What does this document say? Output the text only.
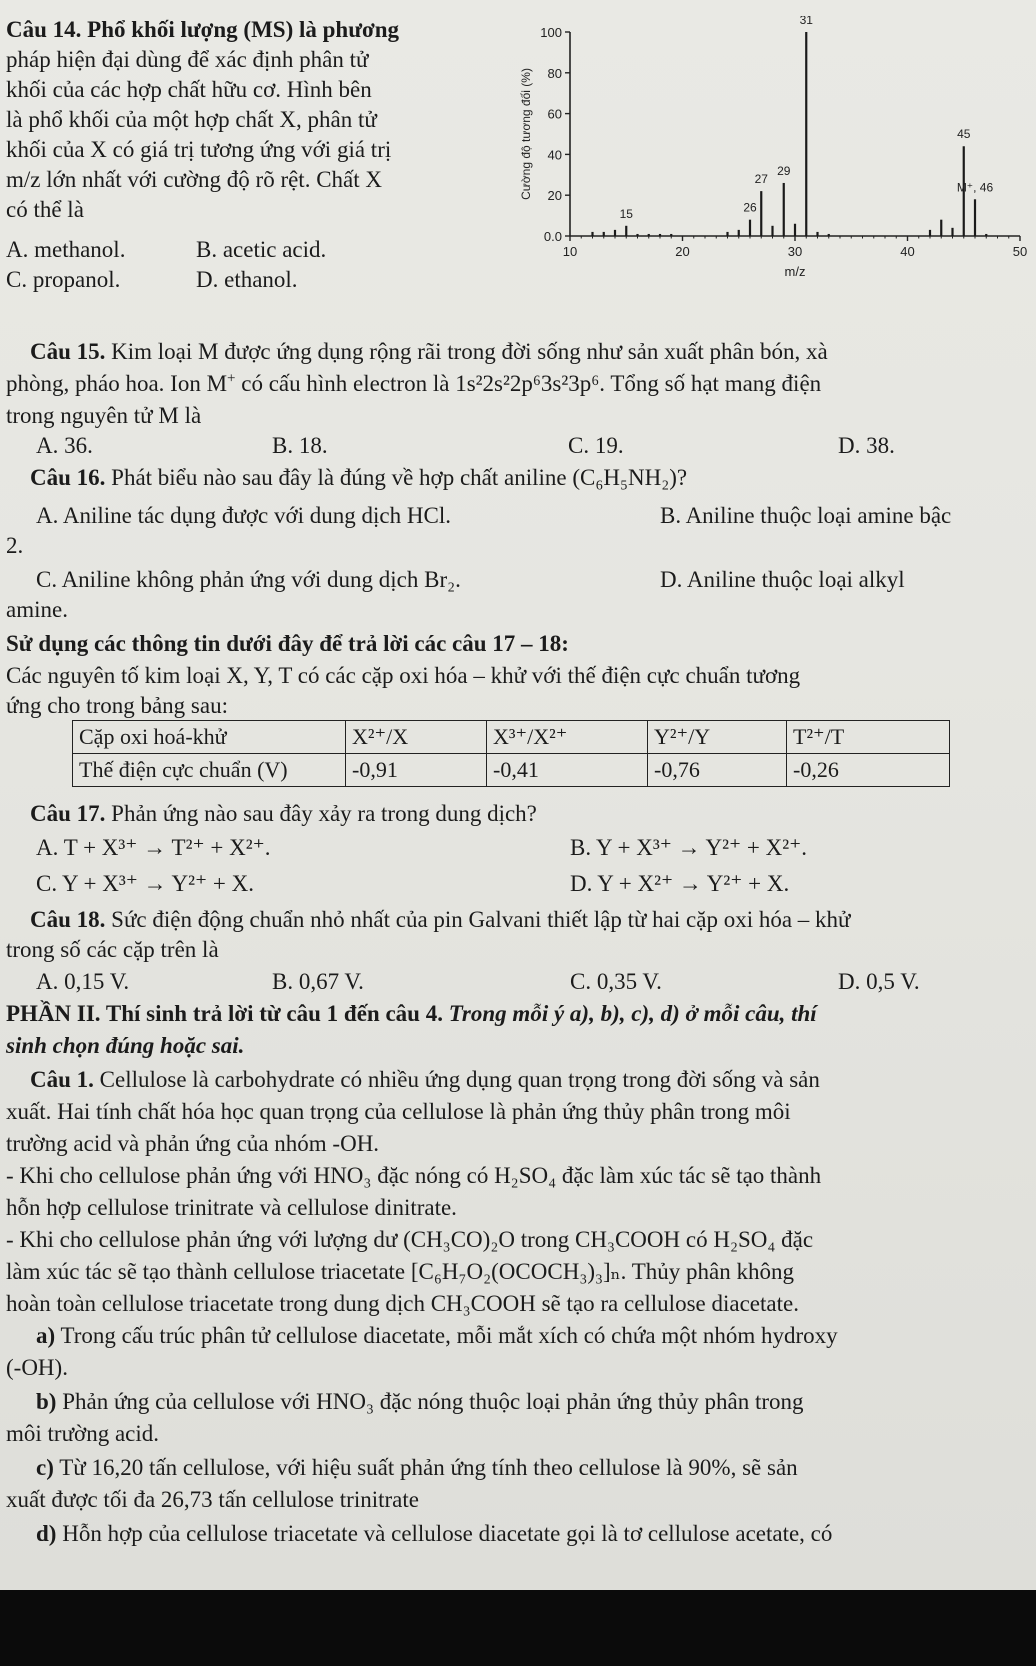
Câu 14. Phổ khối lượng (MS) là phương
pháp hiện đại dùng để xác định phân tử
khối của các hợp chất hữu cơ. Hình bên
là phổ khối của một hợp chất X, phân tử
khối của X có giá trị tương ứng với giá trị
m/z lớn nhất với cường độ rõ rệt. Chất X
có thể là
A. methanol.	B. acetic acid.
C. propanol.	D. ethanol.
0.0
20
40
60
80
100
10	20	30	40	50
m/z
Cường độ tương đối (%)
15	26
27
29
31
45
M⁺, 46
Câu 15. Kim loại M được ứng dụng rộng rãi trong đời sống như sản xuất phân bón, xà
phòng, pháo hoa. Ion M+ có cấu hình electron là 1s²2s²2p⁶3s²3p⁶. Tổng số hạt mang điện
trong nguyên tử M là
A. 36.	B. 18.	C. 19.	D. 38.
Câu 16. Phát biểu nào sau đây là đúng về hợp chất aniline (C₆H₅NH₂)?
A. Aniline tác dụng được với dung dịch HCl.	B. Aniline thuộc loại amine bậc
2.
C. Aniline không phản ứng với dung dịch Br₂.	D. Aniline thuộc loại alkyl
amine.
Sử dụng các thông tin dưới đây để trả lời các câu 17 – 18:
Các nguyên tố kim loại X, Y, T có các cặp oxi hóa – khử với thế điện cực chuẩn tương
ứng cho trong bảng sau:
Cặp oxi hoá-khử	X²⁺/X	X³⁺/X²⁺	Y²⁺/Y	T²⁺/T
Thế điện cực chuẩn (V)	-0,91	-0,41	-0,76	-0,26
Câu 17. Phản ứng nào sau đây xảy ra trong dung dịch?
A. T + X³⁺ → T²⁺ + X²⁺.	B. Y + X³⁺ → Y²⁺ + X²⁺.
C. Y + X³⁺ → Y²⁺ + X.	D. Y + X²⁺ → Y²⁺ + X.
Câu 18. Sức điện động chuẩn nhỏ nhất của pin Galvani thiết lập từ hai cặp oxi hóa – khử
trong số các cặp trên là
A. 0,15 V.	B. 0,67 V.	C. 0,35 V.	D. 0,5 V.
PHẦN II. Thí sinh trả lời từ câu 1 đến câu 4. Trong mỗi ý a), b), c), d) ở mỗi câu, thí
sinh chọn đúng hoặc sai.
Câu 1. Cellulose là carbohydrate có nhiều ứng dụng quan trọng trong đời sống và sản
xuất. Hai tính chất hóa học quan trọng của cellulose là phản ứng thủy phân trong môi
trường acid và phản ứng của nhóm -OH.
- Khi cho cellulose phản ứng với HNO₃ đặc nóng có H₂SO₄ đặc làm xúc tác sẽ tạo thành
hỗn hợp cellulose trinitrate và cellulose dinitrate.
- Khi cho cellulose phản ứng với lượng dư (CH₃CO)₂O trong CH₃COOH có H₂SO₄ đặc
làm xúc tác sẽ tạo thành cellulose triacetate [C₆H₇O₂(OCOCH₃)₃]ₙ. Thủy phân không
hoàn toàn cellulose triacetate trong dung dịch CH₃COOH sẽ tạo ra cellulose diacetate.
a) Trong cấu trúc phân tử cellulose diacetate, mỗi mắt xích có chứa một nhóm hydroxy
(-OH).
b) Phản ứng của cellulose với HNO₃ đặc nóng thuộc loại phản ứng thủy phân trong
môi trường acid.
c) Từ 16,20 tấn cellulose, với hiệu suất phản ứng tính theo cellulose là 90%, sẽ sản
xuất được tối đa 26,73 tấn cellulose trinitrate
d) Hỗn hợp của cellulose triacetate và cellulose diacetate gọi là tơ cellulose acetate, có
